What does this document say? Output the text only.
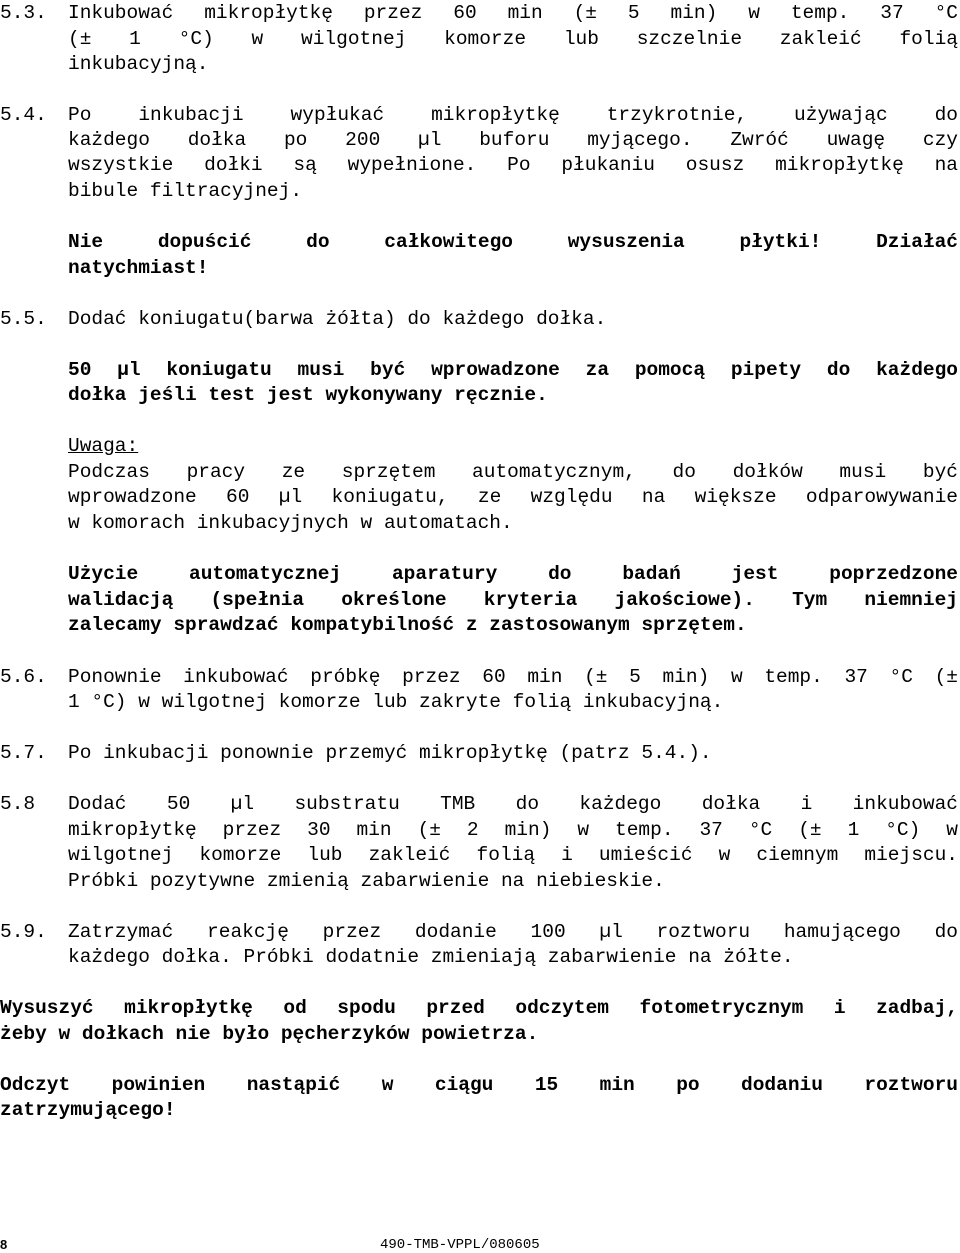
5.3. Inkubować mikropłytkę przez 60 min (± 5 min) w temp. 37 °C

(± 1 °C) w wilgotnej komorze lub szczelnie zakleić folią

inkubacyjną.

5.4. Po inkubacji wypłukać mikropłytkę trzykrotnie, używając do

każdego dołka po 200 µl buforu myjącego. Zwróć uwagę czy

wszystkie dołki są wypełnione. Po płukaniu osusz mikropłytkę na

bibule filtracyjnej.

Nie dopuścić do całkowitego wysuszenia płytki! Działać

natychmiast!

5.5. Dodać koniugatu(barwa żółta) do każdego dołka.

50 µl koniugatu musi być wprowadzone za pomocą pipety do każdego

dołka jeśli test jest wykonywany ręcznie.

Uwaga:

Podczas pracy ze sprzętem automatycznym, do dołków musi być

wprowadzone 60 µl koniugatu, ze względu na większe odparowywanie

w komorach inkubacyjnych w automatach.

Użycie automatycznej aparatury do badań jest poprzedzone

walidacją (spełnia określone kryteria jakościowe). Tym niemniej

zalecamy sprawdzać kompatybilność z zastosowanym sprzętem.

5.6. Ponownie inkubować próbkę przez 60 min (± 5 min) w temp. 37 °C (±

1 °C) w wilgotnej komorze lub zakryte folią inkubacyjną.

5.7. Po inkubacji ponownie przemyć mikropłytkę (patrz 5.4.).

5.8 Dodać 50 µl substratu TMB do każdego dołka i inkubować

mikropłytkę przez 30 min (± 2 min) w temp. 37 °C (± 1 °C) w

wilgotnej komorze lub zakleić folią i umieścić w ciemnym miejscu.

Próbki pozytywne zmienią zabarwienie na niebieskie.

5.9. Zatrzymać reakcję przez dodanie 100 µl roztworu hamującego do

każdego dołka. Próbki dodatnie zmieniają zabarwienie na żółte.

Wysuszyć mikropłytkę od spodu przed odczytem fotometrycznym i zadbaj,

żeby w dołkach nie było pęcherzyków powietrza.

Odczyt powinien nastąpić w ciągu 15 min po dodaniu roztworu

zatrzymującego!

8	490-TMB-VPPL/080605
